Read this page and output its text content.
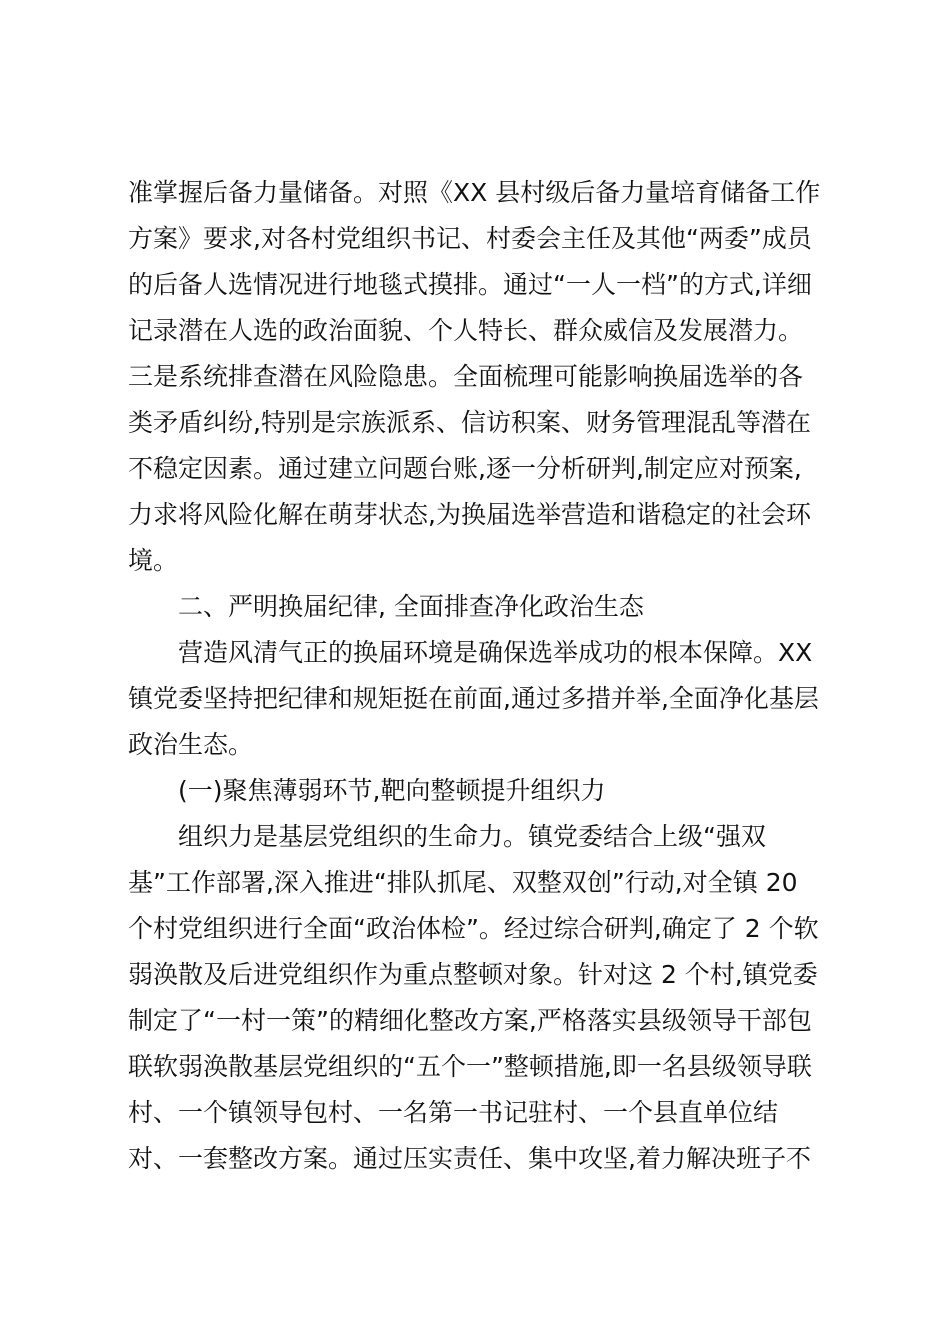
准掌握后备力量储备。对照《XX 县村级后备力量培育储备工作
方案》要求,对各村党组织书记、村委会主任及其他“两委”成员
的后备人选情况进行地毯式摸排。通过“一人一档”的方式,详细
记录潜在人选的政治面貌、个人特长、群众威信及发展潜力。
三是系统排查潜在风险隐患。全面梳理可能影响换届选举的各
类矛盾纠纷,特别是宗族派系、信访积案、财务管理混乱等潜在
不稳定因素。通过建立问题台账,逐一分析研判,制定应对预案,
力求将风险化解在萌芽状态,为换届选举营造和谐稳定的社会环
境。
二、严明换届纪律, 全面排查净化政治生态
营造风清气正的换届环境是确保选举成功的根本保障。XX
镇党委坚持把纪律和规矩挺在前面,通过多措并举,全面净化基层
政治生态。
(一)聚焦薄弱环节,靶向整顿提升组织力
组织力是基层党组织的生命力。镇党委结合上级“强双
基”工作部署,深入推进“排队抓尾、双整双创”行动,对全镇 20
个村党组织进行全面“政治体检”。经过综合研判,确定了 2 个软
弱涣散及后进党组织作为重点整顿对象。针对这 2 个村,镇党委
制定了“一村一策”的精细化整改方案,严格落实县级领导干部包
联软弱涣散基层党组织的“五个一”整顿措施,即一名县级领导联
村、一个镇领导包村、一名第一书记驻村、一个县直单位结
对、一套整改方案。通过压实责任、集中攻坚,着力解决班子不
